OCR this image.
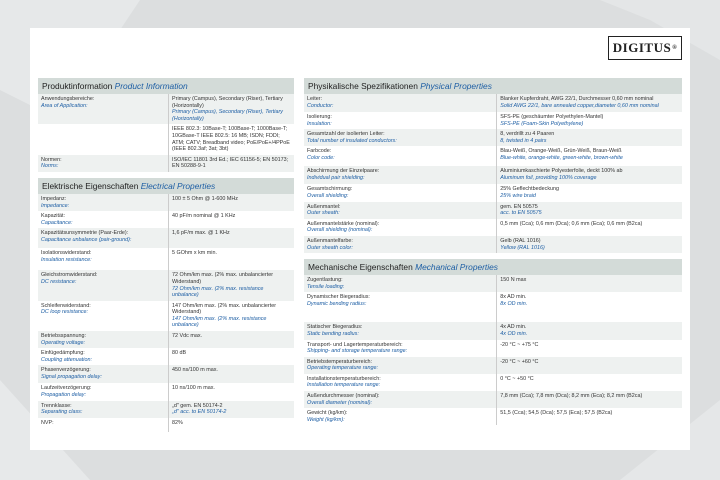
DIGITUS ®
Produktinformation Product Information
Anwendungsbereiche:
Area of Application:	Primary (Campus), Secondary (Riser), Tertiary (Horizontally)
Primary (Campus), Secondary (Riser), Tertiary (Horizontally)

	IEEE 802.3: 10Base-T; 100Base-T; 1000Base-T; 10GBase-T IEEE 802.5: 16 MB; ISDN; FDDI; ATM; CATV; Breadband video; PoE/PoE+/4PPoE (IEEE 802.3af; 3at; 3bt)

Normen:
Norms:	ISO/IEC 11801 3rd Ed.; IEC 61156-5; EN 50173; EN 50288-9-1
Elektrische Eigenschaften Electrical Properties
Impedanz:
Impedance:	100 ± 5 Ohm @ 1-600 MHz

Kapazität:
Capacitance:	40 pF/m nominal @ 1 KHz

Kapazitätsunsymmetrie (Paar-Erde):
Capacitance unbalance (pair-ground):	1,6 pF/m max. @ 1 KHz

Isolationswiderstand:
Insulation resistance:	5 GOhm x km min.

Gleichstromwiderstand:
DC resistance:	72 Ohm/km max. (2% max. unbalancierter Widerstand)
72 Ohm/km max. (2% max. resistance unbalance)

Schleifenwiderstand:
DC loop resistance:	147 Ohm/km max. (2% max. unbalancierter Widerstand)
147 Ohm/km max. (2% max. resistance unbalance)

Betriebsspannung:
Operating voltage:	72 Vdc max.

Einfügedämpfung:
Coupling attenuation:	80 dB

Phasenverzögerung:
Signal propagation delay:	450 ns/100 m max.

Laufzeitverzögerung:
Propagation delay:	10 ns/100 m max.

Trennklasse:
Separating class:	„d" gem. EN 50174-2
„d" acc. to EN 50174-2

NVP:	82%
Physikalische Spezifikationen Physical Properties
Leiter:
Conductor:	Blanker Kupferdraht, AWG 22/1, Durchmesser 0,60 mm nominal
Solid AWG 22/1, bare annealed copper,diameter 0,60 mm nominal

Isolierung:
Insulation:	SFS-PE (geschäumter Polyethylen-Mantel)
SFS-PE (Foam-Skin Polyethylene)

Gesamtzahl der isolierten Leiter:
Total number of insulated conductors:	8, verdrillt zu 4 Paaren
8, twisted in 4 pairs

Farbcode:
Color code:	Blau-Weiß, Orange-Weiß, Grün-Weiß, Braun-Weiß
Blue-white, orange-white, green-white, brown-white

Abschirmung der Einzelpaare:
Individual pair shielding:	Aluminiumkaschierte Polyesterfolie, deckt 100% ab
Aluminum foil, providing 100% coverage

Gesamtschirmung:
Overall shielding:	25% Geflechtbedeckung
25% wire braid

Außenmantel:
Outer sheath:	gem. EN 50575
acc. to EN 50575

Außenmantelstärke (nominal):
Overall shielding (nominal):	0,5 mm (Cca); 0,6 mm (Dca); 0,6 mm (Eca); 0,6 mm (B2ca)

Außenmantelfarbe:
Outer sheath color:	Gelb (RAL 1016)
Yellow (RAL 1016)
Mechanische Eigenschaften Mechanical Properties
Zugentlastung:
Tensile loading:	150 N max

Dynamischer Biegeradius:
Dynamic bending radius:	8x AD min.
8x OD min.

Statischer Biegeradius:
Static bending radius:	4x AD min.
4x OD min.

Transport- und Lagertemperaturbereich:
Shipping- and storage temperature range:	-20 °C ~ +75 °C

Betriebstemperaturbereich:
Operating temperature range:	-20 °C ~ +60 °C

Installationstemperaturbereich:
Installation temperature range:	0 °C ~ +50 °C

Außendurchmesser (nominal):
Overall diameter (nominal):	7,8 mm (Cca); 7,8 mm (Dca); 8,2 mm (Eca); 8,2 mm (B2ca)

Gewicht (kg/km):
Weight (kg/km):	51,5 (Cca); 54,5 (Dca); 57,5 (Eca); 57,5 (B2ca)
